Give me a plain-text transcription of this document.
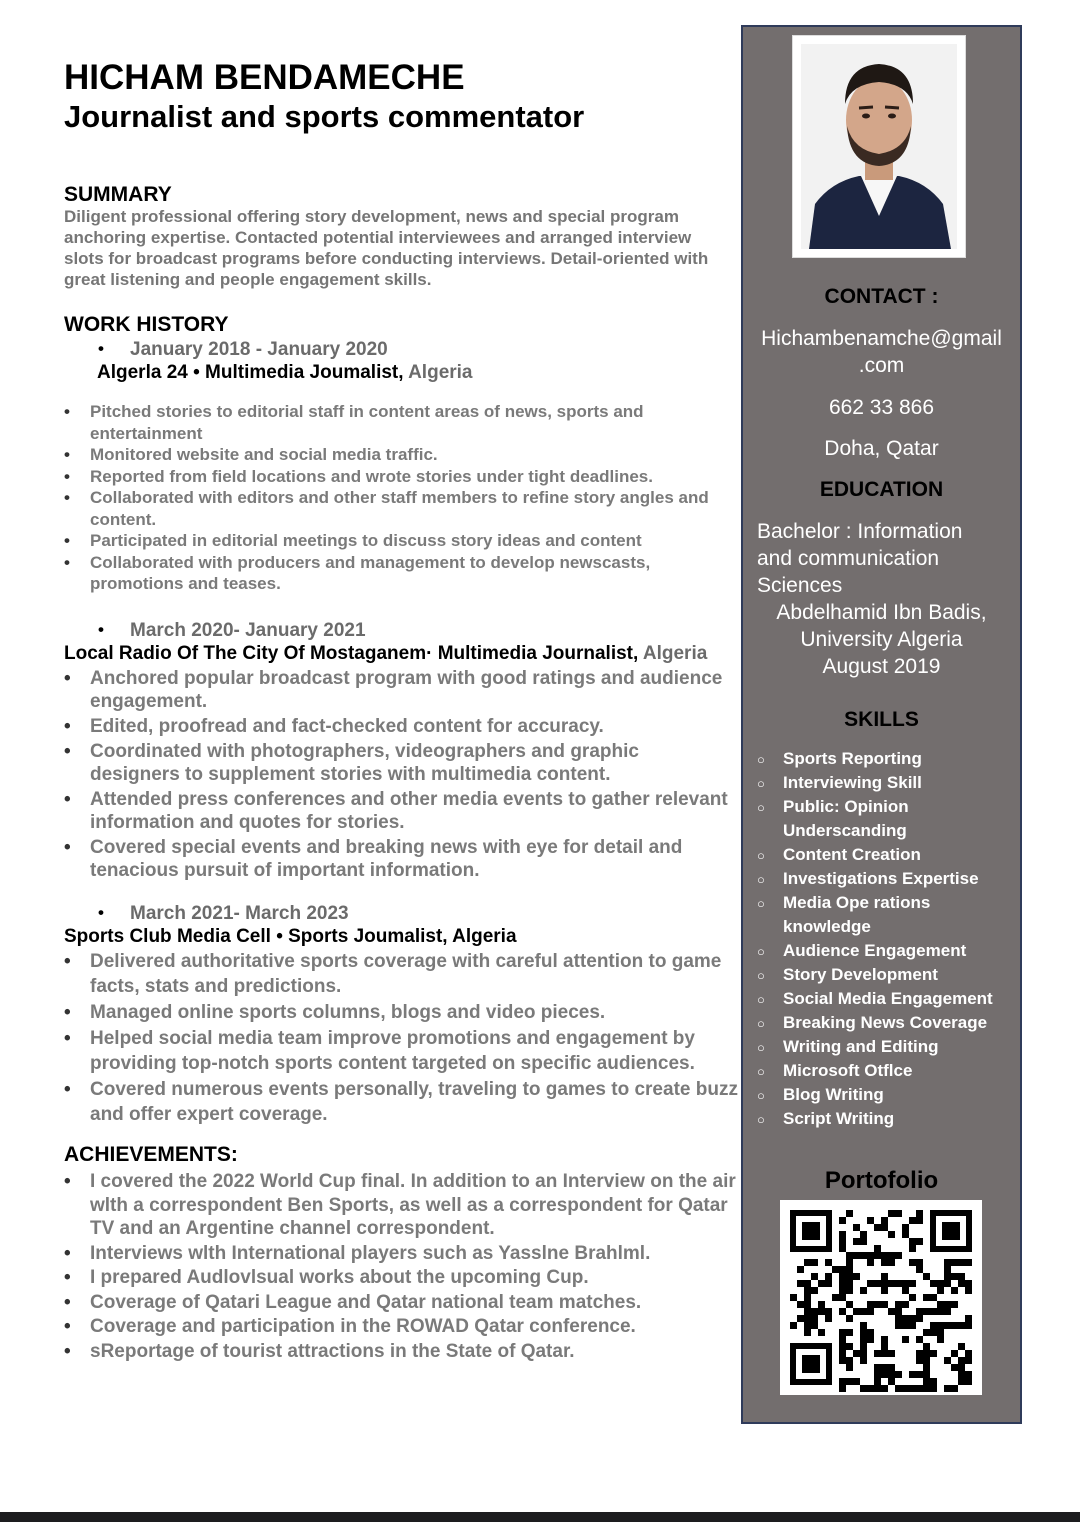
HICHAM BENDAMECHE
Journalist and sports commentator
SUMMARY

Diligent professional offering story development, news and special program anchoring expertise. Contacted potential interviewees and arranged interview slots for broadcast programs before conducting interviews. Detail-oriented with great listening and people engagement skills.

WORK HISTORY
• January 2018 - January 2020
Algerla 24 • Multimedia Joumalist, Algeria
• Pitched stories to editorial staff in content areas of news, sports and entertainment
• Monitored website and social media traffic.
• Reported from field locations and wrote stories under tight deadlines.
• Collaborated with editors and other staff members to refine story angles and content.
• Participated in editorial meetings to discuss story ideas and content
• Collaborated with producers and management to develop newscasts, promotions and teases.
• March 2020- January 2021
Local Radio Of The City Of Mostaganem· Multimedia Journalist, Algeria
• Anchored popular broadcast program with good ratings and audience engagement.
• Edited, proofread and fact-checked content for accuracy.
• Coordinated with photographers, videographers and graphic designers to supplement stories with multimedia content.
• Attended press conferences and other media events to gather relevant information and quotes for stories.
• Covered special events and breaking news with eye for detail and tenacious pursuit of important information.
• March 2021- March 2023
Sports Club Media Cell • Sports Joumalist, Algeria
• Delivered authoritative sports coverage with careful attention to game facts, stats and predictions.
• Managed online sports columns, blogs and video pieces.
• Helped social media team improve promotions and engagement by providing top-notch sports content targeted on specific audiences.
• Covered numerous events personally, traveling to games to create buzz and offer expert coverage.
ACHIEVEMENTS:
• I covered the 2022 World Cup final. In addition to an Interview on the air wlth a correspondent Ben Sports, as well as a correspondent for Qatar TV and an Argentine channel correspondent.
• Interviews wlth International players such as Yasslne Brahlml.
• I prepared Audlovlsual works about the upcoming Cup.
• Coverage of Qatari League and Qatar national team matches.
• Coverage and participation in the ROWAD Qatar conference.
• sReportage of tourist attractions in the State of Qatar.
CONTACT :
Hichambenamche@gmail
.com
662 33 866
Doha, Qatar
EDUCATION
Bachelor : Information
and communication
Sciences
Abdelhamid Ibn Badis,
University Algeria
August 2019
SKILLS
○ Sports Reporting
○ Interviewing Skill
○ Public: Opinion Underscanding
○ Content Creation
○ Investigations Expertise
○ Media Ope rations knowledge
○ Audience Engagement
○ Story Development
○ Social Media Engagement
○ Breaking News Coverage
○ Writing and Editing
○ Microsoft Otflce
○ Blog Writing
○ Script Writing
Portofolio
